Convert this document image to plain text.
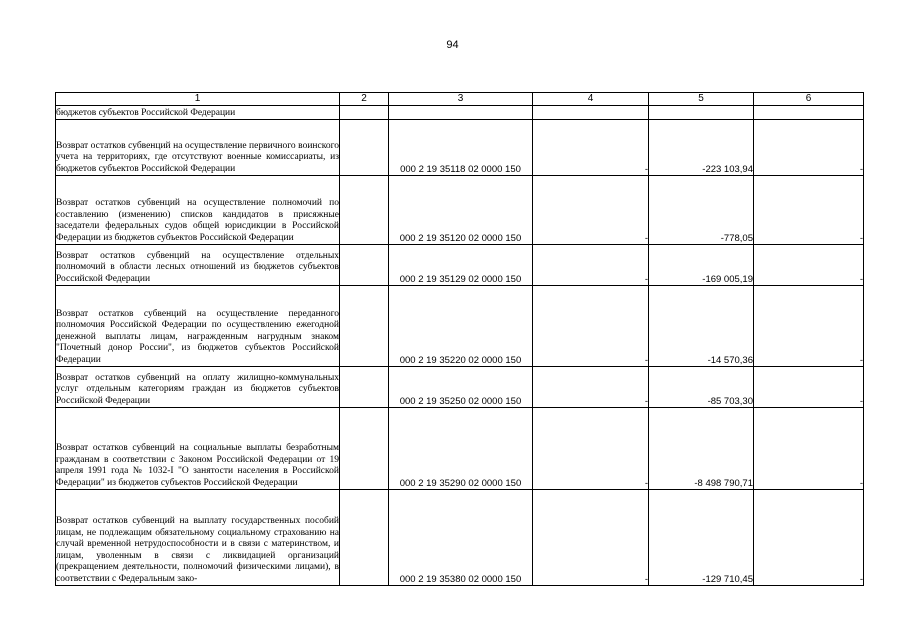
94
1	2	3	4	5	6
бюджетов субъектов Российской Федерации					
Возврат остатков субвенций на осуществление первичного воинского учета на территориях, где отсутствуют военные комиссариаты, из бюджетов субъектов Российской Федерации		000 2 19 35118 02 0000 150	-	-223 103,94	-
Возврат остатков субвенций на осуществление полномочий по составлению (изменению) списков кандидатов в присяжные заседатели федеральных судов общей юрисдикции в Российской Федерации из бюджетов субъектов Российской Федерации		000 2 19 35120 02 0000 150	-	-778,05	-
Возврат остатков субвенций на осуществление отдельных полномочий в области лесных отношений из бюджетов субъектов Российской Федерации		000 2 19 35129 02 0000 150	-	-169 005,19	-
Возврат остатков субвенций на осуществление переданного полномочия Российской Федерации по осуществлению ежегодной денежной выплаты лицам, награжденным нагрудным знаком "Почетный донор России", из бюджетов субъектов Российской Федерации		000 2 19 35220 02 0000 150	-	-14 570,36	-
Возврат остатков субвенций на оплату жилищно-коммунальных услуг отдельным категориям граждан из бюджетов субъектов Российской Федерации		000 2 19 35250 02 0000 150	-	-85 703,30	-
Возврат остатков субвенций на социальные выплаты безработным гражданам в соответствии с Законом Российской Федерации от 19 апреля 1991 года № 1032-I "О занятости населения в Российской Федерации" из бюджетов субъектов Российской Федерации		000 2 19 35290 02 0000 150	-	-8 498 790,71	-
Возврат остатков субвенций на выплату государственных пособий лицам, не подлежащим обязательному социальному страхованию на случай временной нетрудоспособности и в связи с материнством, и лицам, уволенным в связи с ликвидацией организаций (прекращением деятельности, полномочий физическими лицами), в соответствии с Федеральным зако-		000 2 19 35380 02 0000 150	-	-129 710,45	-
